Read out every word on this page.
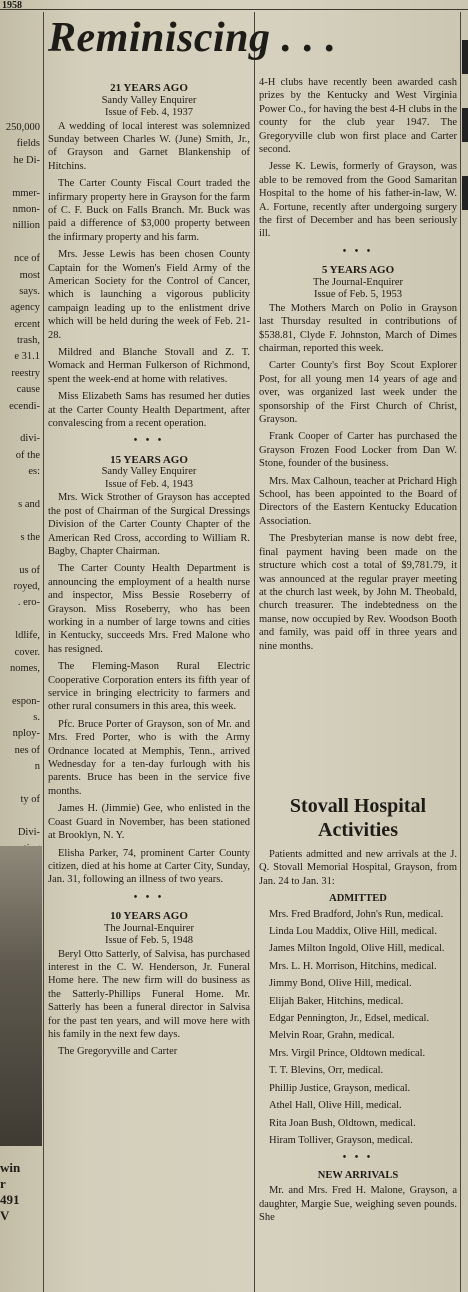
1958
250,000
fields
he Di-
mmer-
nmon-
nillion
nce of
most
says.
agency
ercent
trash,
e 31.1
reestry
cause
ecendi-
divi-
of the
es:
s and
s the
us of
royed,
. ero-
ldlife,
cover.
nomes,
espon-
s.
nploy-
nes of
n
ty of
Divi-
win
r
491
V
Reminiscing . . .
21 YEARS AGO
Sandy Valley Enquirer
Issue of Feb. 4, 1937

A wedding of local interest was solemnized Sunday between Charles W. (June) Smith, Jr., of Grayson and Garnet Blankenship of Hitchins.

The Carter County Fiscal Court traded the infirmary property here in Grayson for the farm of C. F. Buck on Falls Branch. Mr. Buck was paid a difference of $3,000 property between the infirmary property and his farm.

Mrs. Jesse Lewis has been chosen County Captain for the Women's Field Army of the American Society for the Control of Cancer, which is launching a vigorous publicity campaign leading up to the enlistment drive which will be held during the week of Feb. 21-28.

Mildred and Blanche Stovall and Z. T. Womack and Herman Fulkerson of Richmond, spent the week-end at home with relatives.

Miss Elizabeth Sams has resumed her duties at the Carter County Health Department, after convalescing from a recent operation.

• • •
15 YEARS AGO
Sandy Valley Enquirer
Issue of Feb. 4, 1943

Mrs. Wick Strother of Grayson has accepted the post of Chairman of the Surgical Dressings Division of the Carter County Chapter of the American Red Cross, according to William R. Bagby, Chapter Chairman.

The Carter County Health Department is announcing the employment of a health nurse and inspector, Miss Bessie Roseberry of Grayson. Miss Roseberry, who has been working in a number of large towns and cities in Kentucky, succeeds Mrs. Fred Malone who has resigned.

The Fleming-Mason Rural Electric Cooperative Corporation enters its fifth year of service in bringing electricity to farmers and other rural consumers in this area, this week.

Pfc. Bruce Porter of Grayson, son of Mr. and Mrs. Fred Porter, who is with the Army Ordnance located at Memphis, Tenn., arrived Wednesday for a ten-day furlough with his parents. Bruce has been in the service five months.

James H. (Jimmie) Gee, who enlisted in the Coast Guard in November, has been stationed at Brooklyn, N. Y.

Elisha Parker, 74, prominent Carter County citizen, died at his home at Carter City, Sunday, Jan. 31, following an illness of two years.

• • •
10 YEARS AGO
The Journal-Enquirer
Issue of Feb. 5, 1948

Beryl Otto Satterly, of Salvisa, has purchased interest in the C. W. Henderson, Jr. Funeral Home here. The new firm will do business as the Satterly-Phillips Funeral Home. Mr. Satterly has been a funeral director in Salvisa for the past ten years, and will move here with his family in the next few days.

The Gregoryville and Carter

4-H clubs have recently been awarded cash prizes by the Kentucky and West Virginia Power Co., for having the best 4-H clubs in the county for the club year 1947. The Gregoryville club won first place and Carter second.

Jesse K. Lewis, formerly of Grayson, was able to be removed from the Good Samaritan Hospital to the home of his father-in-law, W. A. Fortune, recently after undergoing surgery the first of December and has been seriously ill.

• • •
5 YEARS AGO
The Journal-Enquirer
Issue of Feb. 5, 1953

The Mothers March on Polio in Grayson last Thursday resulted in contributions of $538.81, Clyde F. Johnston, March of Dimes chairman, reported this week.

Carter County's first Boy Scout Explorer Post, for all young men 14 years of age and over, was organized last week under the sponsorship of the First Church of Christ, Grayson.

Frank Cooper of Carter has purchased the Grayson Frozen Food Locker from Dan W. Stone, founder of the business.

Mrs. Max Calhoun, teacher at Prichard High School, has been appointed to the Board of Directors of the Eastern Kentucky Education Association.

The Presbyterian manse is now debt free, final payment having been made on the structure which cost a total of $9,781.79, it was announced at the regular prayer meeting at the church last week, by John M. Theobald, church treasurer. The indebtedness on the manse, now occupied by Rev. Woodson Booth and family, was paid off in three years and nine months.

Stovall Hospital Activities

Patients admitted and new arrivals at the J. Q. Stovall Memorial Hospital, Grayson, from Jan. 24 to Jan. 31:

ADMITTED

Mrs. Fred Bradford, John's Run, medical.

Linda Lou Maddix, Olive Hill, medical.

James Milton Ingold, Olive Hill, medical.

Mrs. L. H. Morrison, Hitchins, medical.

Jimmy Bond, Olive Hill, medical.

Elijah Baker, Hitchins, medical.

Edgar Pennington, Jr., Edsel, medical.

Melvin Roar, Grahn, medical.

Mrs. Virgil Prince, Oldtown medical.

T. T. Blevins, Orr, medical.

Phillip Justice, Grayson, medical.

Athel Hall, Olive Hill, medical.

Rita Joan Bush, Oldtown, medical.

Hiram Tolliver, Grayson, medical.

• • •
NEW ARRIVALS

Mr. and Mrs. Fred H. Malone, Grayson, a daughter, Margie Sue, weighing seven pounds. She
